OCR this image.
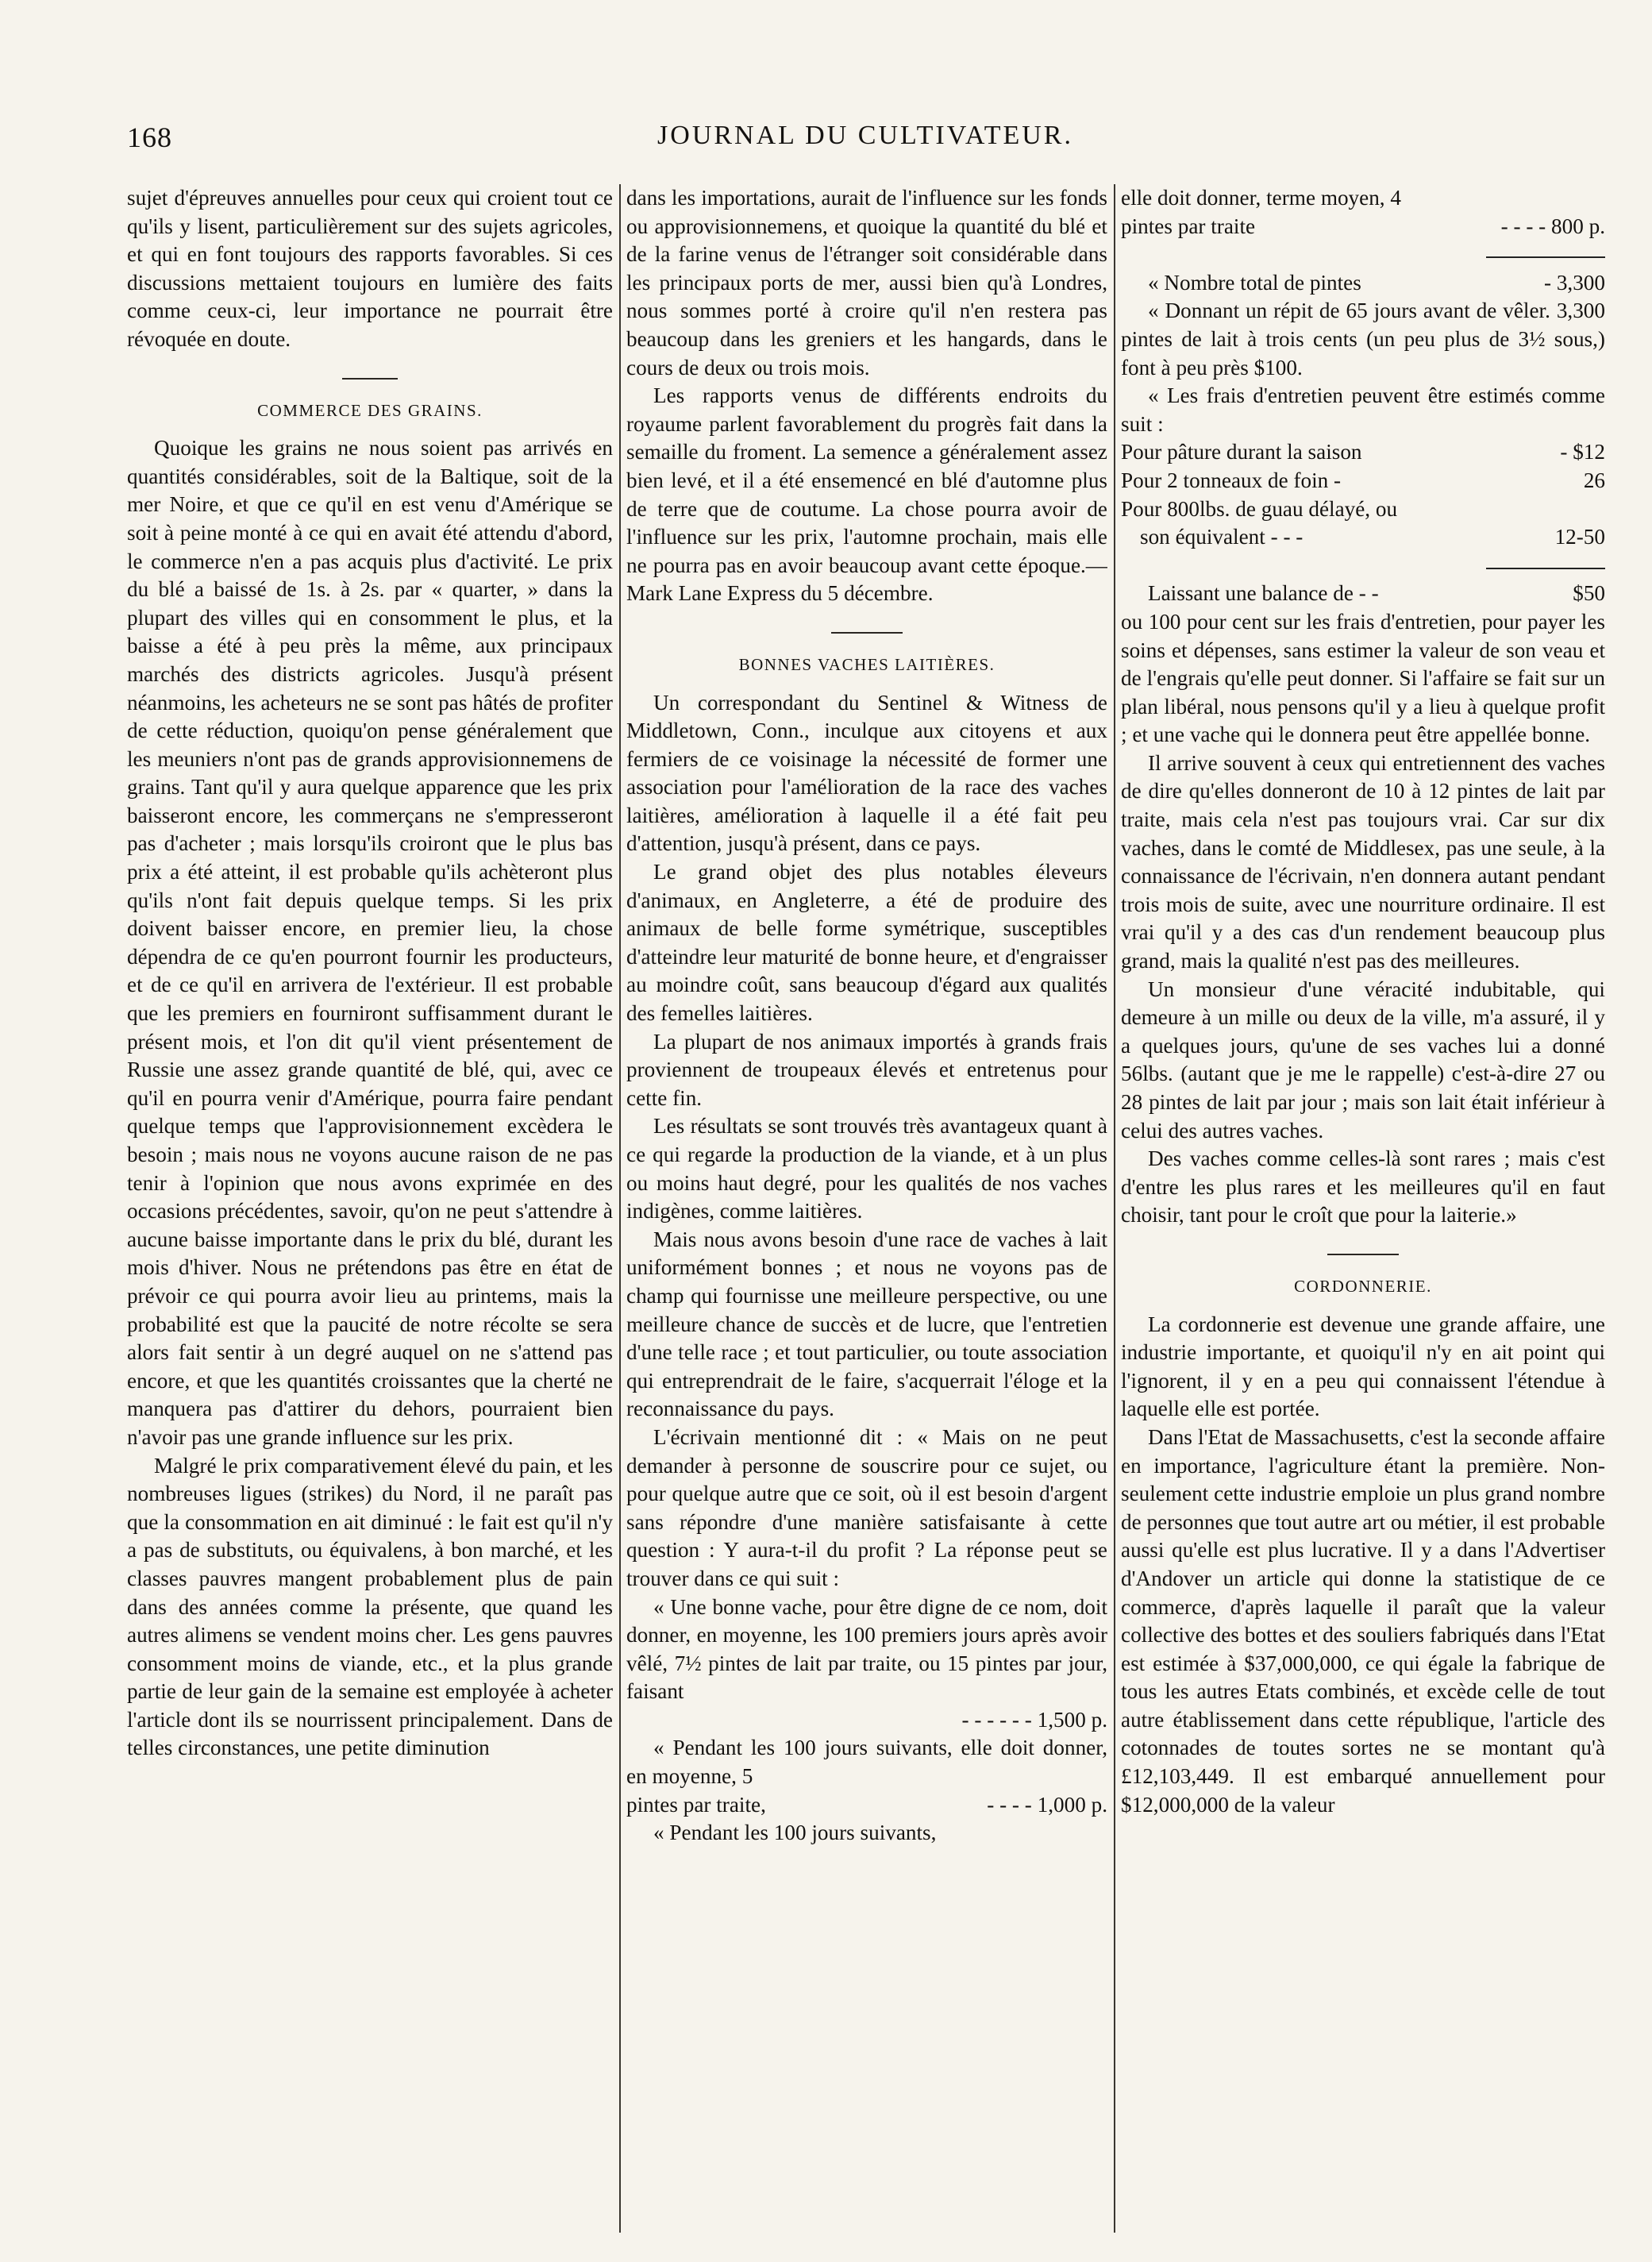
168	JOURNAL DU CULTIVATEUR.

sujet d'épreuves annuelles pour ceux qui croient tout ce qu'ils y lisent, particulièrement sur des sujets agricoles, et qui en font toujours des rapports favorables. Si ces discussions mettaient toujours en lumière des faits comme ceux-ci, leur importance ne pourrait être révoquée en doute.

COMMERCE DES GRAINS.

Quoique les grains ne nous soient pas arrivés en quantités considérables, soit de la Baltique, soit de la mer Noire, et que ce qu'il en est venu d'Amérique se soit à peine monté à ce qui en avait été attendu d'abord, le commerce n'en a pas acquis plus d'activité. Le prix du blé a baissé de 1s. à 2s. par « quarter, » dans la plupart des villes qui en consomment le plus, et la baisse a été à peu près la même, aux principaux marchés des districts agricoles. Jusqu'à présent néanmoins, les acheteurs ne se sont pas hâtés de profiter de cette réduction, quoiqu'on pense généralement que les meuniers n'ont pas de grands approvisionnemens de grains. Tant qu'il y aura quelque apparence que les prix baisseront encore, les commerçans ne s'empresseront pas d'acheter ; mais lorsqu'ils croiront que le plus bas prix a été atteint, il est probable qu'ils achèteront plus qu'ils n'ont fait depuis quelque temps. Si les prix doivent baisser encore, en premier lieu, la chose dépendra de ce qu'en pourront fournir les producteurs, et de ce qu'il en arrivera de l'extérieur. Il est probable que les premiers en fourniront suffisamment durant le présent mois, et l'on dit qu'il vient présentement de Russie une assez grande quantité de blé, qui, avec ce qu'il en pourra venir d'Amérique, pourra faire pendant quelque temps que l'approvisionnement excèdera le besoin ; mais nous ne voyons aucune raison de ne pas tenir à l'opinion que nous avons exprimée en des occasions précédentes, savoir, qu'on ne peut s'attendre à aucune baisse importante dans le prix du blé, durant les mois d'hiver. Nous ne prétendons pas être en état de prévoir ce qui pourra avoir lieu au printems, mais la probabilité est que la paucité de notre récolte se sera alors fait sentir à un degré auquel on ne s'attend pas encore, et que les quantités croissantes que la cherté ne manquera pas d'attirer du dehors, pourraient bien n'avoir pas une grande influence sur les prix.

Malgré le prix comparativement élevé du pain, et les nombreuses ligues (strikes) du Nord, il ne paraît pas que la consommation en ait diminué : le fait est qu'il n'y a pas de substituts, ou équivalens, à bon marché, et les classes pauvres mangent probablement plus de pain dans des années comme la présente, que quand les autres alimens se vendent moins cher. Les gens pauvres consomment moins de viande, etc., et la plus grande partie de leur gain de la semaine est employée à acheter l'article dont ils se nourrissent principalement. Dans de telles circonstances, une petite diminution

dans les importations, aurait de l'influence sur les fonds ou approvisionnemens, et quoique la quantité du blé et de la farine venus de l'étranger soit considérable dans les principaux ports de mer, aussi bien qu'à Londres, nous sommes porté à croire qu'il n'en restera pas beaucoup dans les greniers et les hangards, dans le cours de deux ou trois mois.

Les rapports venus de différents endroits du royaume parlent favorablement du progrès fait dans la semaille du froment. La semence a généralement assez bien levé, et il a été ensemencé en blé d'automne plus de terre que de coutume. La chose pourra avoir de l'influence sur les prix, l'automne prochain, mais elle ne pourra pas en avoir beaucoup avant cette époque.—Mark Lane Express du 5 décembre.

BONNES VACHES LAITIÈRES.

Un correspondant du Sentinel & Witness de Middletown, Conn., inculque aux citoyens et aux fermiers de ce voisinage la nécessité de former une association pour l'amélioration de la race des vaches laitières, amélioration à laquelle il a été fait peu d'attention, jusqu'à présent, dans ce pays.

Le grand objet des plus notables éleveurs d'animaux, en Angleterre, a été de produire des animaux de belle forme symétrique, susceptibles d'atteindre leur maturité de bonne heure, et d'engraisser au moindre coût, sans beaucoup d'égard aux qualités des femelles laitières.

La plupart de nos animaux importés à grands frais proviennent de troupeaux élevés et entretenus pour cette fin.

Les résultats se sont trouvés très avantageux quant à ce qui regarde la production de la viande, et à un plus ou moins haut degré, pour les qualités de nos vaches indigènes, comme laitières.

Mais nous avons besoin d'une race de vaches à lait uniformément bonnes ; et nous ne voyons pas de champ qui fournisse une meilleure perspective, ou une meilleure chance de succès et de lucre, que l'entretien d'une telle race ; et tout particulier, ou toute association qui entreprendrait de le faire, s'acquerrait l'éloge et la reconnaissance du pays.

L'écrivain mentionné dit : « Mais on ne peut demander à personne de souscrire pour ce sujet, ou pour quelque autre que ce soit, où il est besoin d'argent sans répondre d'une manière satisfaisante à cette question : Y aura-t-il du profit ? La réponse peut se trouver dans ce qui suit :

« Une bonne vache, pour être digne de ce nom, doit donner, en moyenne, les 100 premiers jours après avoir vêlé, 7½ pintes de lait par traite, ou 15 pintes par jour, faisant

- - - - - - 1,500 p.

« Pendant les 100 jours suivants, elle doit donner, en moyenne, 5

pintes par traite,	- - - - 1,000 p.

« Pendant les 100 jours suivants,

elle doit donner, terme moyen, 4

pintes par traite	- - - - 800 p.
« Nombre total de pintes	- 3,300

« Donnant un répit de 65 jours avant de vêler. 3,300 pintes de lait à trois cents (un peu plus de 3½ sous,) font à peu près $100.

« Les frais d'entretien peuvent être estimés comme suit :

Pour pâture durant la saison	- $12
Pour 2 tonneaux de foin -	26
Pour 800lbs. de guau délayé, ou
son équivalent - - -	12-50
Laissant une balance de - -	$50

ou 100 pour cent sur les frais d'entretien, pour payer les soins et dépenses, sans estimer la valeur de son veau et de l'engrais qu'elle peut donner. Si l'affaire se fait sur un plan libéral, nous pensons qu'il y a lieu à quelque profit ; et une vache qui le donnera peut être appellée bonne.

Il arrive souvent à ceux qui entretiennent des vaches de dire qu'elles donneront de 10 à 12 pintes de lait par traite, mais cela n'est pas toujours vrai. Car sur dix vaches, dans le comté de Middlesex, pas une seule, à la connaissance de l'écrivain, n'en donnera autant pendant trois mois de suite, avec une nourriture ordinaire. Il est vrai qu'il y a des cas d'un rendement beaucoup plus grand, mais la qualité n'est pas des meilleures.

Un monsieur d'une véracité indubitable, qui demeure à un mille ou deux de la ville, m'a assuré, il y a quelques jours, qu'une de ses vaches lui a donné 56lbs. (autant que je me le rappelle) c'est-à-dire 27 ou 28 pintes de lait par jour ; mais son lait était inférieur à celui des autres vaches.

Des vaches comme celles-là sont rares ; mais c'est d'entre les plus rares et les meilleures qu'il en faut choisir, tant pour le croît que pour la laiterie.»

CORDONNERIE.

La cordonnerie est devenue une grande affaire, une industrie importante, et quoiqu'il n'y en ait point qui l'ignorent, il y en a peu qui connaissent l'étendue à laquelle elle est portée.

Dans l'Etat de Massachusetts, c'est la seconde affaire en importance, l'agriculture étant la première. Non-seulement cette industrie emploie un plus grand nombre de personnes que tout autre art ou métier, il est probable aussi qu'elle est plus lucrative. Il y a dans l'Advertiser d'Andover un article qui donne la statistique de ce commerce, d'après laquelle il paraît que la valeur collective des bottes et des souliers fabriqués dans l'Etat est estimée à $37,000,000, ce qui égale la fabrique de tous les autres Etats combinés, et excède celle de tout autre établissement dans cette république, l'article des cotonnades de toutes sortes ne se montant qu'à £12,103,449. Il est embarqué annuellement pour $12,000,000 de la valeur
